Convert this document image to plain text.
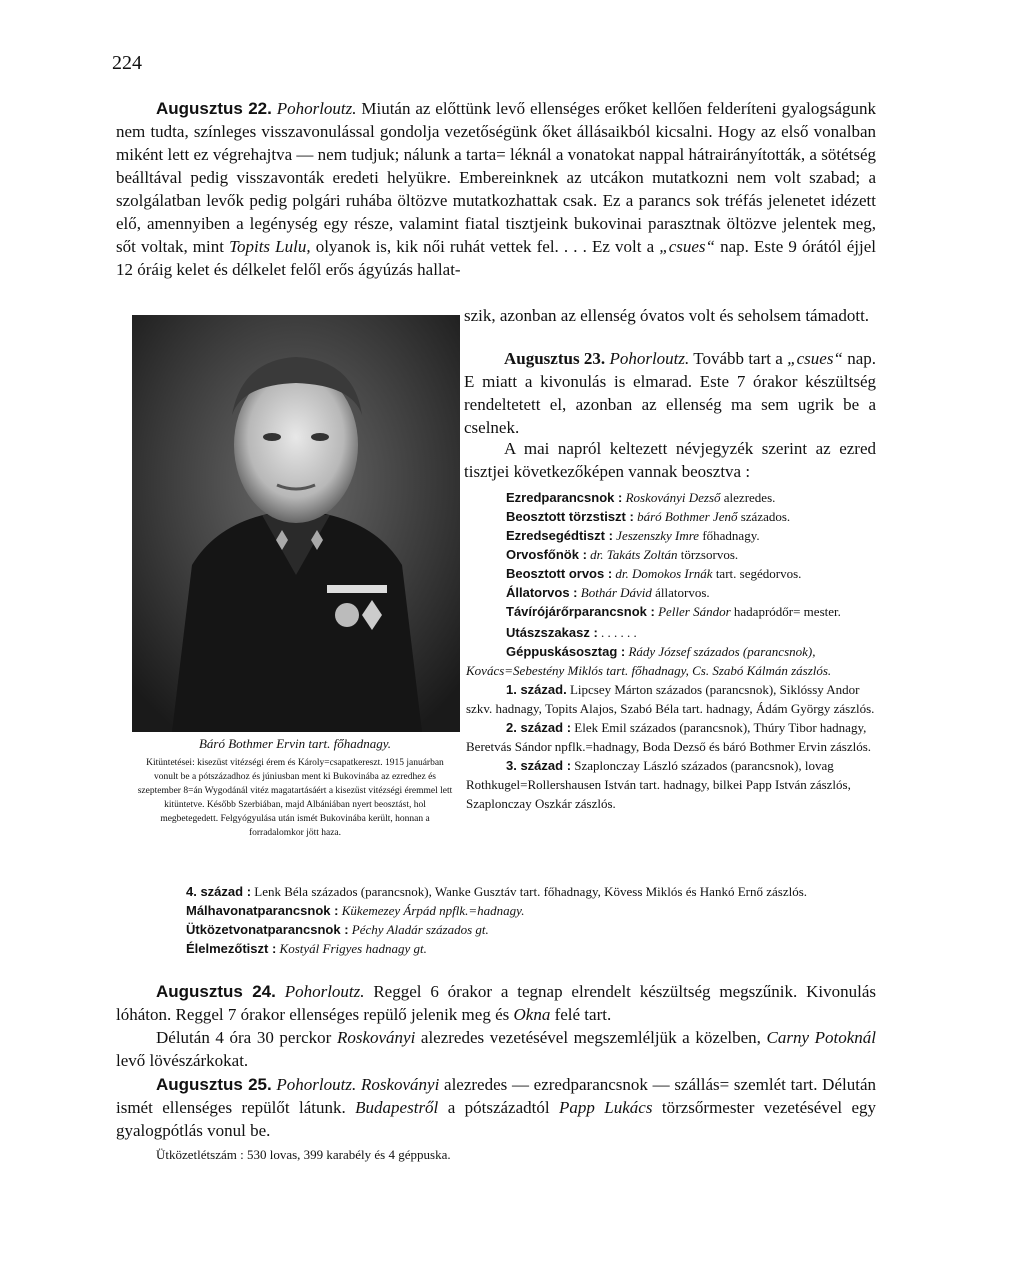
224

Augusztus 22. Pohorloutz. Miután az előttünk levő ellenséges erőket kellően felderíteni gyalogságunk nem tudta, színleges visszavonulással gondolja vezetőségünk őket állásaikból kicsalni. Hogy az első vonalban miként lett ez végrehajtva — nem tudjuk; nálunk a tarta= léknál a vonatokat nappal hátrairányították, a sötétség beálltával pedig visszavonták eredeti helyükre. Embereinknek az utcákon mutatkozni nem volt szabad; a szolgálatban levők pedig polgári ruhába öltözve mutatkozhattak csak. Ez a parancs sok tréfás jelenetet idézett elő, amennyiben a legénység egy része, valamint fiatal tisztjeink bukovinai parasztnak öltözve jelentek meg, sőt voltak, mint Topits Lulu, olyanok is, kik női ruhát vettek fel. . . . Ez volt a „csues“ nap. Este 9 órától éjjel 12 óráig kelet és délkelet felől erős ágyúzás hallat-

Báró Bothmer Ervin tart. főhadnagy.

Kitüntetései: kisezüst vitézségi érem és Károly=csapatkereszt. 1915 januárban vonult be a pótszázadhoz és júniusban ment ki Bukovinába az ezredhez és szeptember 8=án Wygodánál vitéz magatartásáért a kisezüst vitézségi éremmel lett kitüntetve. Később Szerbiában, majd Albániában nyert beosztást, hol megbetegedett. Felgyógyulása után ismét Bukovinába került, honnan a forradalomkor jött haza.

szik, azonban az ellenség óvatos volt és seholsem támadott.

Augusztus 23. Pohorloutz. Tovább tart a „csues“ nap. E miatt a kivonulás is elmarad. Este 7 órakor készültség rendeltetett el, azonban az ellenség ma sem ugrik be a cselnek.

A mai napról keltezett névjegyzék szerint az ezred tisztjei következőképen vannak beosztva :

Ezredparancsnok : Roskoványi Dezső alezredes.
Beosztott törzstiszt : báró Bothmer Jenő százados.
Ezredsegédtiszt : Jeszenszky Imre főhadnagy.
Orvosfőnök : dr. Takáts Zoltán törzsorvos.
Beosztott orvos : dr. Domokos Irnák tart. segédorvos.
Állatorvos : Bothár Dávid állatorvos.
Távírójárőrparancsnok : Peller Sándor hadapródőr= mester.
Utászszakasz : . . . . . .
Géppuskásosztag : Rády József százados (parancsnok), Kovács=Sebestény Miklós tart. főhadnagy, Cs. Szabó Kálmán zászlós.
1. század. Lipcsey Márton százados (parancsnok), Siklóssy Andor szkv. hadnagy, Topits Alajos, Szabó Béla tart. hadnagy, Ádám György zászlós.
2. század : Elek Emil százados (parancsnok), Thúry Tibor hadnagy, Beretvás Sándor npflk.=hadnagy, Boda Dezső és báró Bothmer Ervin zászlós.
3. század : Szaplonczay László százados (parancsnok), lovag Rothkugel=Rollershausen István tart. hadnagy, bilkei Papp István zászlós, Szaplonczay Oszkár zászlós.
4. század : Lenk Béla százados (parancsnok), Wanke Gusztáv tart. főhadnagy, Kövess Miklós és Hankó Ernő zászlós.
Málhavonatparancsnok : Kükemezey Árpád npflk.=hadnagy.
Ütközetvonatparancsnok : Péchy Aladár százados gt.
Élelmezőtiszt : Kostyál Frigyes hadnagy gt.

Augusztus 24. Pohorloutz. Reggel 6 órakor a tegnap elrendelt készültség megszűnik. Kivonulás lóháton. Reggel 7 órakor ellenséges repülő jelenik meg és Okna felé tart.

Délután 4 óra 30 perckor Roskoványi alezredes vezetésével megszemléljük a közelben, Carny Potoknál levő lövészárkokat.

Augusztus 25. Pohorloutz. Roskoványi alezredes — ezredparancsnok — szállás= szemlét tart. Délután ismét ellenséges repülőt látunk. Budapestről a pótszázadtól Papp Lukács törzsőrmester vezetésével egy gyalogpótlás vonul be.

Ütközetlétszám : 530 lovas, 399 karabély és 4 géppuska.
